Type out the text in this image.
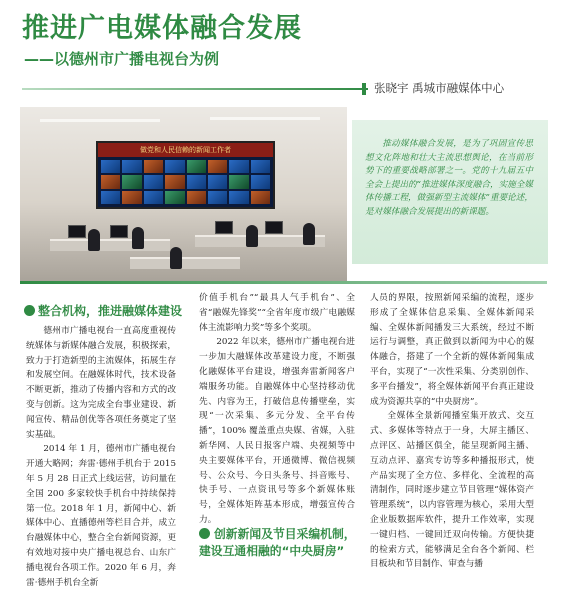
推进广电媒体融合发展
——以德州市广播电视台为例
张晓宇 禹城市融媒体中心
做党和人民信赖的新闻工作者
推动媒体融合发展，是为了巩固宣传思想文化阵地和壮大主流思想舆论，在当前形势下的重要战略部署之一。党的十九届五中全会上提出的“推进媒体深度融合，实施全媒体传播工程，做强新型主流媒体”重要论述，是对媒体融合发展提出的新课题。
整合机构，推进融媒体建设

德州市广播电视台一直高度重视传统媒体与新媒体融合发展，积极探索，致力于打造新型的主流媒体，拓展生存和发展空间。在融媒体时代，技术设备不断更新，推动了传播内容和方式的改变与创新。这为完成全台事业建设、新闻宣传、精品创优等各项任务奠定了坚实基础。

2014 年 1 月，德州市广播电视台开通大略网；奔雷·德州手机台于 2015 年 5 月 28 日正式上线运营，访问量在全国 200 多家较快手机台中持续保持第一位。2018 年 1 月，新闻中心、新媒体中心、直播德州等栏目合并，成立台融媒体中心，整合全台新闻资源，更有效地对接中央广播电视总台、山东广播电视台各项工作。2020 年 6 月，奔雷·德州手机台全新

价值手机台”“最具人气手机台”、全省“融媒先锋奖”“全省年度市级广电融媒体主流影响力奖”等多个奖项。

2022 年以来，德州市广播电视台进一步加大融媒体改革建设力度，不断强化融媒体平台建设，增强奔雷新闻客户端服务功能。自融媒体中心坚持移动优先、内容为王，打破信息传播壁垒，实现“一次采集、多元分发、全平台传播”，100% 覆盖重点央媒、省媒，入驻新华网、人民日报客户端、央视频等中央主要媒体平台，开通微博、微信视频号、公众号、今日头条号、抖音账号、快手号、一点资讯号等多个新媒体账号，全媒体矩阵基本形成，增强宣传合力。

创新新闻及节目采编机制，建设互通相融的“中央厨房”

人员的界限，按照新闻采编的流程，逐步形成了全媒体信息采集、全媒体新闻采编、全媒体新闻播发三大系统，经过不断运行与调整，真正做到以新闻为中心的媒体融合，搭建了一个全新的媒体新闻集成平台，实现了“一次性采集、分类别创作、多平台播发”，将全媒体新闻平台真正建设成为资源共享的“中央厨房”。

全媒体全景新闻播室集开放式、交互式、多媒体等特点于一身，大屏主播区、点评区、站播区俱全，能呈现新闻主播、互动点评、嘉宾专访等多种播报形式，使产品实现了全方位、多样化、全流程的高清制作，同时逐步建立节目管理“媒体资产管理系统”，以内容管理为核心，采用大型企业版数据库软件，提升工作效率，实现一键归档、一键回迁双向传输。方便快捷的检索方式，能够满足全台各个新闻、栏目板块和节目制作、审查与播
